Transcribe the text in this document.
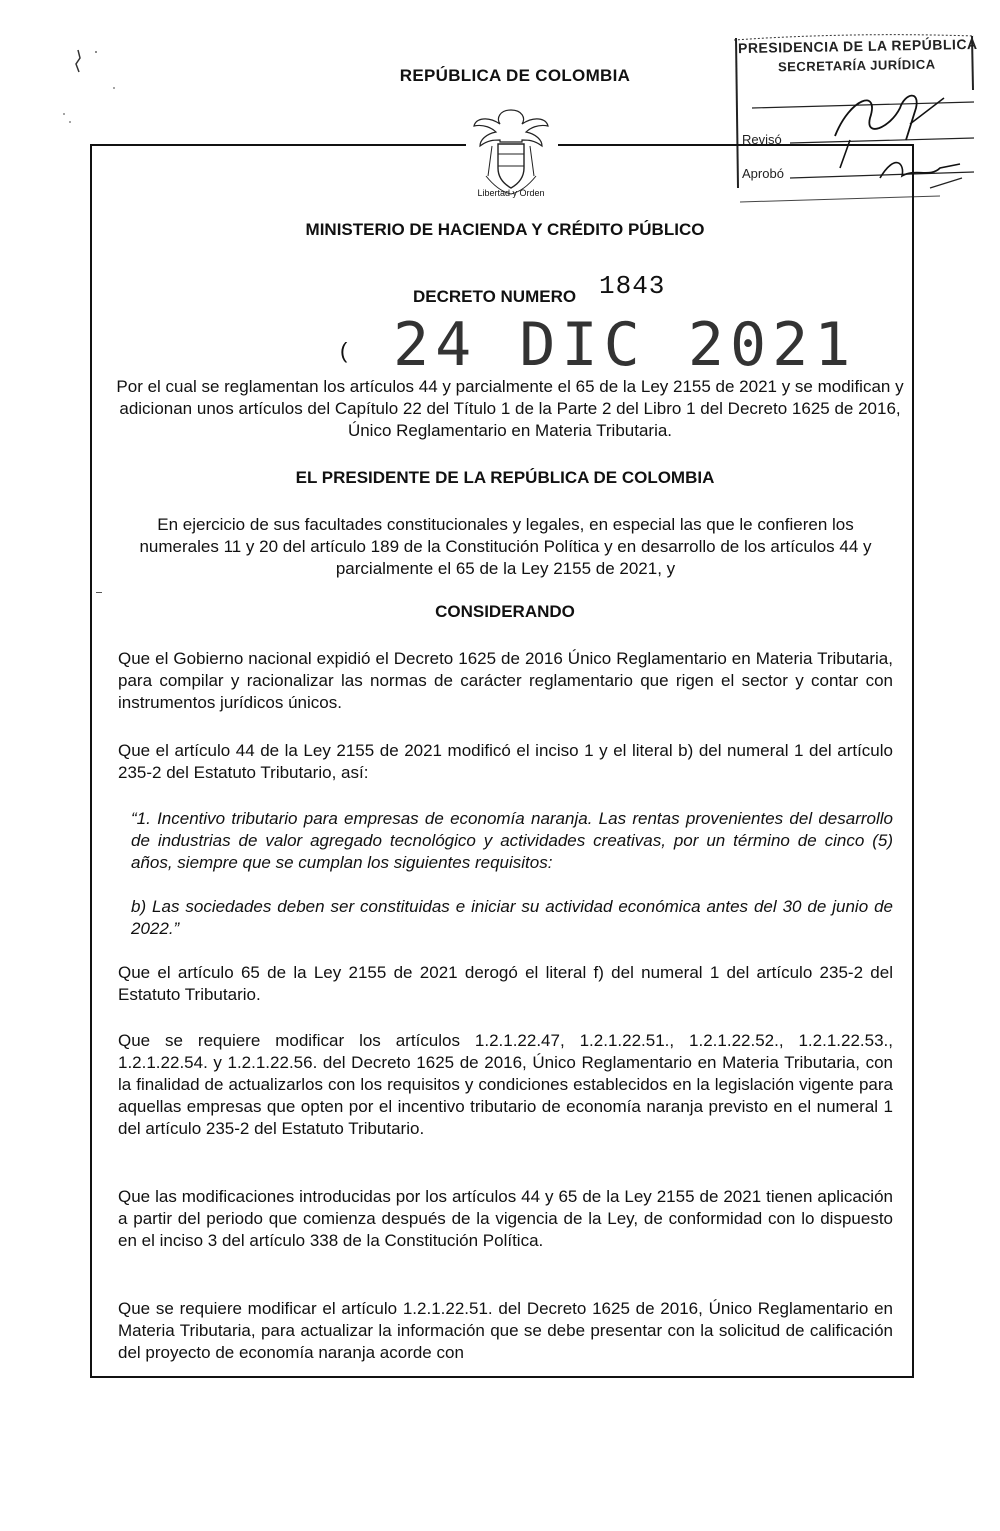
PRESIDENCIA DE LA REPÚBLICA
SECRETARÍA JURÍDICA
Revisó
Aprobó
REPÚBLICA DE COLOMBIA
Libertad y Orden
MINISTERIO DE HACIENDA Y CRÉDITO PÚBLICO
DECRETO NUMERO 1843
( 24 DIC 2021
Por el cual se reglamentan los artículos 44 y parcialmente el 65 de la Ley 2155 de 2021 y se modifican y adicionan unos artículos del Capítulo 22 del Título 1 de la Parte 2 del Libro 1 del Decreto 1625 de 2016, Único Reglamentario en Materia Tributaria.
EL PRESIDENTE DE LA REPÚBLICA DE COLOMBIA
En ejercicio de sus facultades constitucionales y legales, en especial las que le confieren los numerales 11 y 20 del artículo 189 de la Constitución Política y en desarrollo de los artículos 44 y parcialmente el 65 de la Ley 2155 de 2021, y
CONSIDERANDO

Que el Gobierno nacional expidió el Decreto 1625 de 2016 Único Reglamentario en Materia Tributaria, para compilar y racionalizar las normas de carácter reglamentario que rigen el sector y contar con instrumentos jurídicos únicos.

Que el artículo 44 de la Ley 2155 de 2021 modificó el inciso 1 y el literal b) del numeral 1 del artículo 235-2 del Estatuto Tributario, así:

“1. Incentivo tributario para empresas de economía naranja. Las rentas provenientes del desarrollo de industrias de valor agregado tecnológico y actividades creativas, por un término de cinco (5) años, siempre que se cumplan los siguientes requisitos:

b) Las sociedades deben ser constituidas e iniciar su actividad económica antes del 30 de junio de 2022.”

Que el artículo 65 de la Ley 2155 de 2021 derogó el literal f) del numeral 1 del artículo 235-2 del Estatuto Tributario.

Que se requiere modificar los artículos 1.2.1.22.47, 1.2.1.22.51., 1.2.1.22.52., 1.2.1.22.53., 1.2.1.22.54. y 1.2.1.22.56. del Decreto 1625 de 2016, Único Reglamentario en Materia Tributaria, con la finalidad de actualizarlos con los requisitos y condiciones establecidos en la legislación vigente para aquellas empresas que opten por el incentivo tributario de economía naranja previsto en el numeral 1 del artículo 235-2 del Estatuto Tributario.

Que las modificaciones introducidas por los artículos 44 y 65 de la Ley 2155 de 2021 tienen aplicación a partir del periodo que comienza después de la vigencia de la Ley, de conformidad con lo dispuesto en el inciso 3 del artículo 338 de la Constitución Política.

Que se requiere modificar el artículo 1.2.1.22.51. del Decreto 1625 de 2016, Único Reglamentario en Materia Tributaria, para actualizar la información que se debe presentar con la solicitud de calificación del proyecto de economía naranja acorde con
